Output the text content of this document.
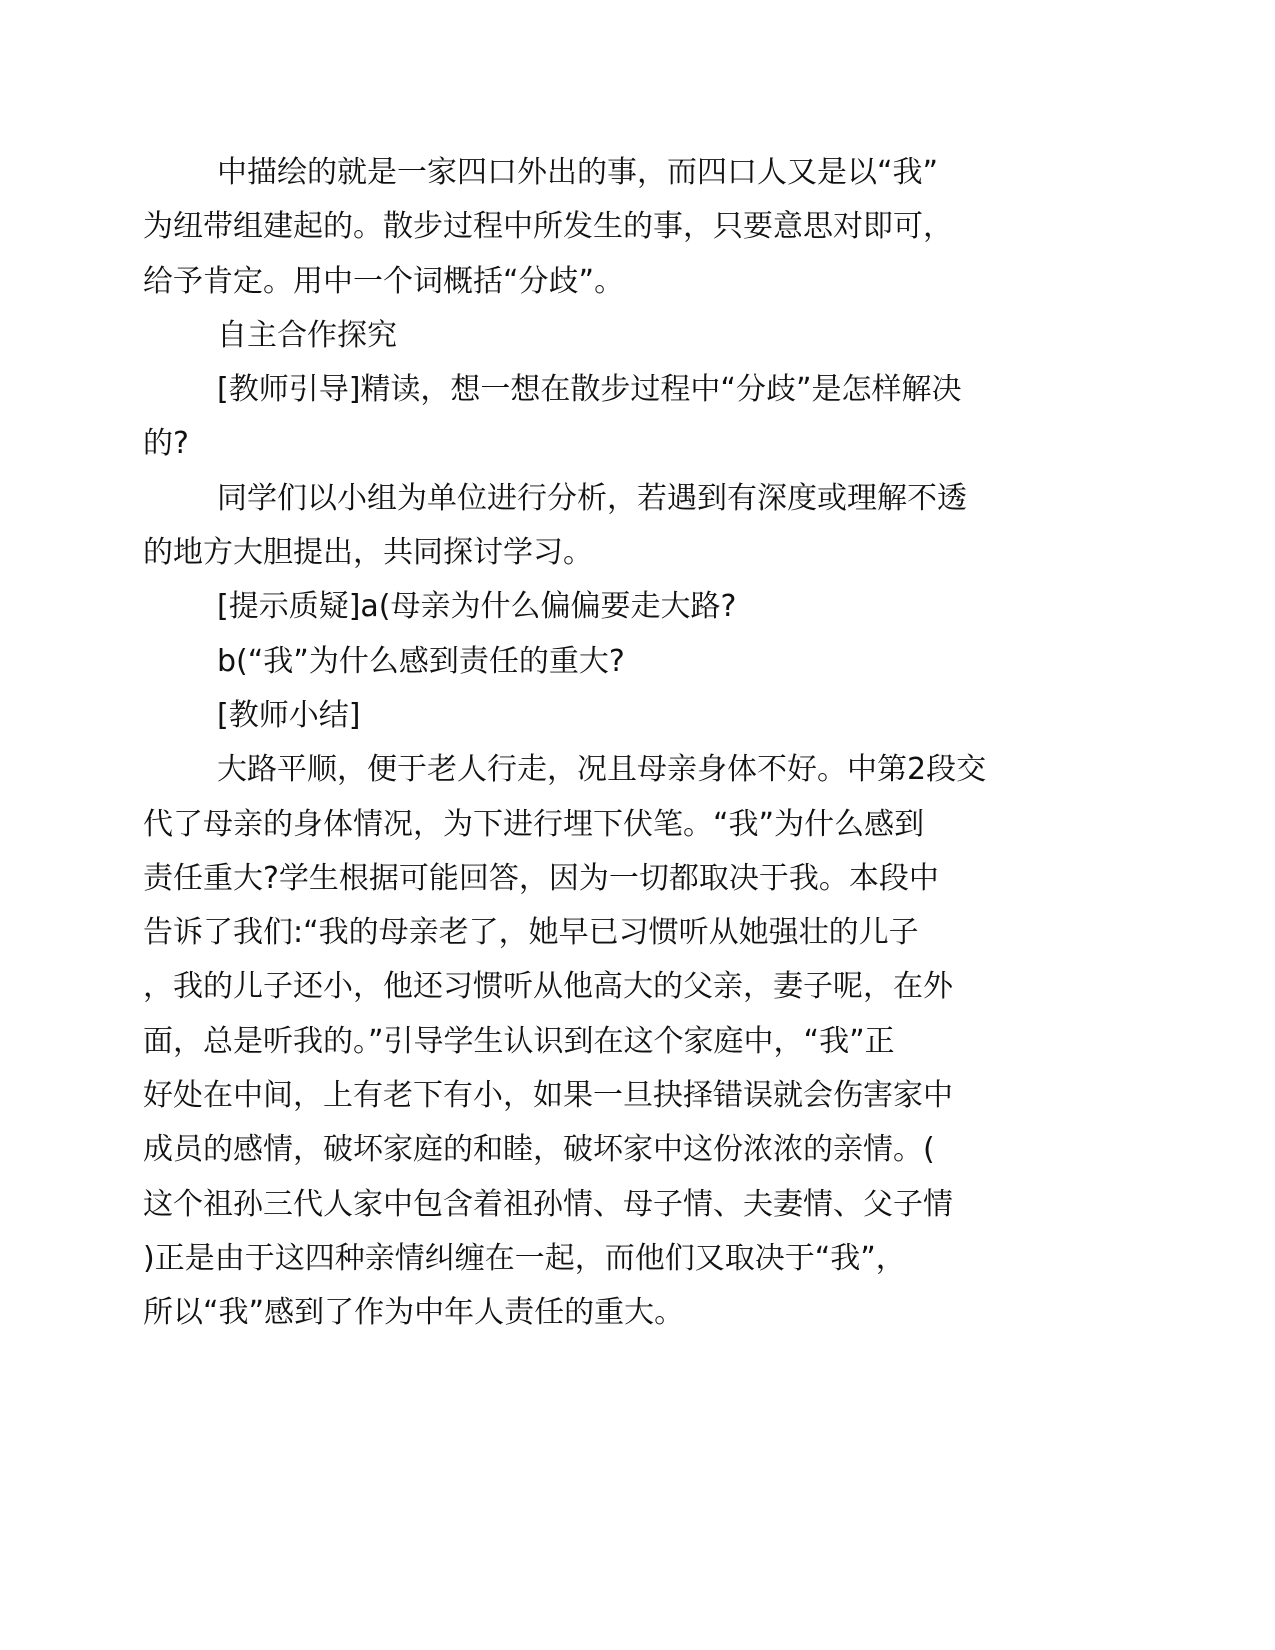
中描绘的就是一家四口外出的事，而四口人又是以“我”
为纽带组建起的。散步过程中所发生的事，只要意思对即可，
给予肯定。用中一个词概括“分歧”。

自主合作探究

[教师引导]精读，想一想在散步过程中“分歧”是怎样解决
的?

同学们以小组为单位进行分析，若遇到有深度或理解不透
的地方大胆提出，共同探讨学习。

[提示质疑]a(母亲为什么偏偏要走大路?

b(“我”为什么感到责任的重大?

[教师小结]

大路平顺，便于老人行走，况且母亲身体不好。中第2段交
代了母亲的身体情况，为下进行埋下伏笔。“我”为什么感到
责任重大?学生根据可能回答，因为一切都取决于我。本段中
告诉了我们:“我的母亲老了，她早已习惯听从她强壮的儿子
，我的儿子还小，他还习惯听从他高大的父亲，妻子呢，在外
面，总是听我的。”引导学生认识到在这个家庭中，“我”正
好处在中间，上有老下有小，如果一旦抉择错误就会伤害家中
成员的感情，破坏家庭的和睦，破坏家中这份浓浓的亲情。(
这个祖孙三代人家中包含着祖孙情、母子情、夫妻情、父子情
)正是由于这四种亲情纠缠在一起，而他们又取决于“我”，
所以“我”感到了作为中年人责任的重大。
